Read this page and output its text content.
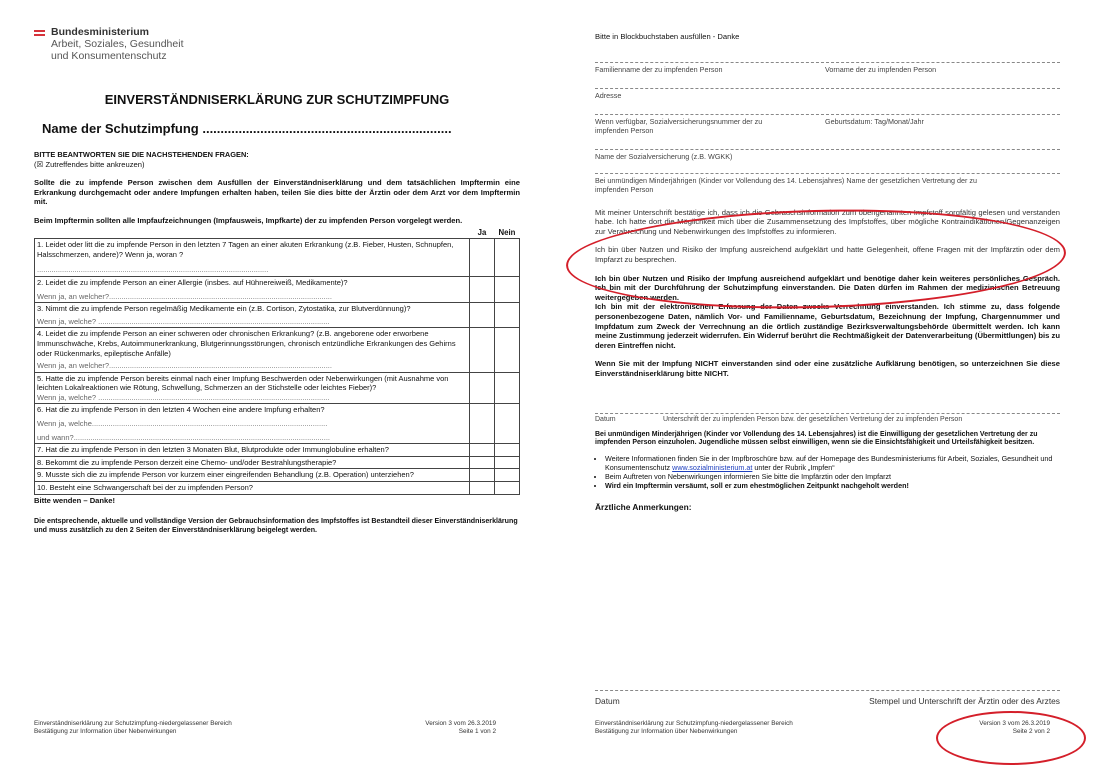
Bundesministerium
Arbeit, Soziales, Gesundheit
und Konsumentenschutz
EINVERSTÄNDNISERKLÄRUNG ZUR SCHUTZIMPFUNG
Name der Schutzimpfung .....................................................................
BITTE BEANTWORTEN SIE DIE NACHSTEHENDEN FRAGEN:
(☒ Zutreffendes bitte ankreuzen)
Sollte die zu impfende Person zwischen dem Ausfüllen der Einverständniserklärung und dem tatsächlichen Impftermin eine Erkrankung durchgemacht oder andere Impfungen erhalten haben, teilen Sie dies bitte der Ärztin oder dem Arzt vor dem Impftermin mit.
Beim Impftermin sollten alle Impfaufzeichnungen (Impfausweis, Impfkarte) der zu impfenden Person vorgelegt werden.
	Ja	Nein

1. Leidet oder litt die zu impfende Person in den letzten 7 Tagen an einer akuten Erkrankung (z.B. Fieber, Husten, Schnupfen, Halsschmerzen, andere)? Wenn ja, woran ?
...............................................................................................................		

2. Leidet die zu impfende Person an einer Allergie (insbes. auf Hühnereiweiß, Medikamente)?
Wenn ja, an welcher?...........................................................................................................		

3. Nimmt die zu impfende Person regelmäßig Medikamente ein (z.B. Cortison, Zytostatika, zur Blutverdünnung)?
Wenn ja, welche? ...............................................................................................................		

4. Leidet die zu impfende Person an einer schweren oder chronischen Erkrankung? (z.B. angeborene oder erworbene Immunschwäche, Krebs, Autoimmunerkrankung, Blutgerinnungsstörungen, chronisch entzündliche Erkrankungen des Gehirns oder Rückenmarks, epileptische Anfälle)
Wenn ja, an welcher?...........................................................................................................		

5. Hatte die zu impfende Person bereits einmal nach einer Impfung Beschwerden oder Nebenwirkungen (mit Ausnahme von leichten Lokalreaktionen wie Rötung, Schwellung, Schmerzen an der Stichstelle oder leichtes Fieber)?
Wenn ja, welche? ...............................................................................................................		

6. Hat die zu impfende Person in den letzten 4 Wochen eine andere Impfung erhalten?
Wenn ja, welche.................................................................................................................
und wann?...........................................................................................................................		

7. Hat die zu impfende Person in den letzten 3 Monaten Blut, Blutprodukte oder Immunglobuline erhalten?		

8. Bekommt die zu impfende Person derzeit eine Chemo- und/oder Bestrahlungstherapie?		

9. Musste sich die zu impfende Person vor kurzem einer eingreifenden Behandlung (z.B. Operation) unterziehen?		

10. Besteht eine Schwangerschaft bei der zu impfenden Person?		

Bitte wenden – Danke!
Die entsprechende, aktuelle und vollständige Version der Gebrauchsinformation des Impfstoffes ist Bestandteil dieser Einverständniserklärung und muss zusätzlich zu den 2 Seiten der Einverständniserklärung beigelegt werden.
Einverständniserklärung zur Schutzimpfung-niedergelassener Bereich
Bestätigung zur Information über Nebenwirkungen
Version 3 vom 26.3.2019
Seite 1 von 2
Bitte in Blockbuchstaben ausfüllen - Danke
Familienname der zu impfenden Person	Vorname der zu impfenden Person
Adresse
Wenn verfügbar, Sozialversicherungsnummer der zu impfenden Person
Geburtsdatum: Tag/Monat/Jahr
Name der Sozialversicherung (z.B. WGKK)
Bei unmündigen Minderjährigen (Kinder vor Vollendung des 14. Lebensjahres) Name der gesetzlichen Vertretung der zu impfenden Person
Mit meiner Unterschrift bestätige ich, dass ich die Gebrauchsinformation zum obengenannten Impfstoff sorgfältig gelesen und verstanden habe. Ich hatte dort die Möglichkeit mich über die Zusammensetzung des Impfstoffes, über mögliche Kontraindikationen/Gegenanzeigen zur Verabreichung und Nebenwirkungen des Impfstoffes zu informieren.
Ich bin über Nutzen und Risiko der Impfung ausreichend aufgeklärt und hatte Gelegenheit, offene Fragen mit der Impfärztin oder dem Impfarzt zu besprechen.
Ich bin über Nutzen und Risiko der Impfung ausreichend aufgeklärt und benötige daher kein weiteres persönliches Gespräch. Ich bin mit der Durchführung der Schutzimpfung einverstanden. Die Daten dürfen im Rahmen der medizinischen Betreuung weitergegeben werden.
Ich bin mit der elektronischen Erfassung der Daten zwecks Verrechnung einverstanden. Ich stimme zu, dass folgende personenbezogene Daten, nämlich Vor- und Familienname, Geburtsdatum, Bezeichnung der Impfung, Chargennummer und Impfdatum zum Zweck der Verrechnung an die örtlich zuständige Bezirksverwaltungsbehörde übermittelt werden. Ich kann meine Zustimmung jederzeit widerrufen. Ein Widerruf berührt die Rechtmäßigkeit der Datenverarbeitung (Übermittlungen) bis zu deren Eintreffen nicht.
Wenn Sie mit der Impfung NICHT einverstanden sind oder eine zusätzliche Aufklärung benötigen, so unterzeichnen Sie diese Einverständniserklärung bitte NICHT.
Datum	Unterschrift der zu impfenden Person bzw. der gesetzlichen Vertretung der zu impfenden Person
Bei unmündigen Minderjährigen (Kinder vor Vollendung des 14. Lebensjahres) ist die Einwilligung der gesetzlichen Vertretung der zu impfenden Person einzuholen. Jugendliche müssen selbst einwilligen, wenn sie die Einsichtsfähigkeit und Urteilsfähigkeit besitzen.
• Weitere Informationen finden Sie in der Impfbroschüre bzw. auf der Homepage des Bundesministeriums für Arbeit, Soziales, Gesundheit und Konsumentenschutz www.sozialministerium.at unter der Rubrik „Impfen“
• Beim Auftreten von Nebenwirkungen informieren Sie bitte die Impfärztin oder den Impfarzt
• Wird ein Impftermin versäumt, soll er zum ehestmöglichen Zeitpunkt nachgeholt werden!
Ärztliche Anmerkungen:
Datum	Stempel und Unterschrift der Ärztin oder des Arztes
Einverständniserklärung zur Schutzimpfung-niedergelassener Bereich
Bestätigung zur Information über Nebenwirkungen
Version 3 vom 26.3.2019
Seite 2 von 2
